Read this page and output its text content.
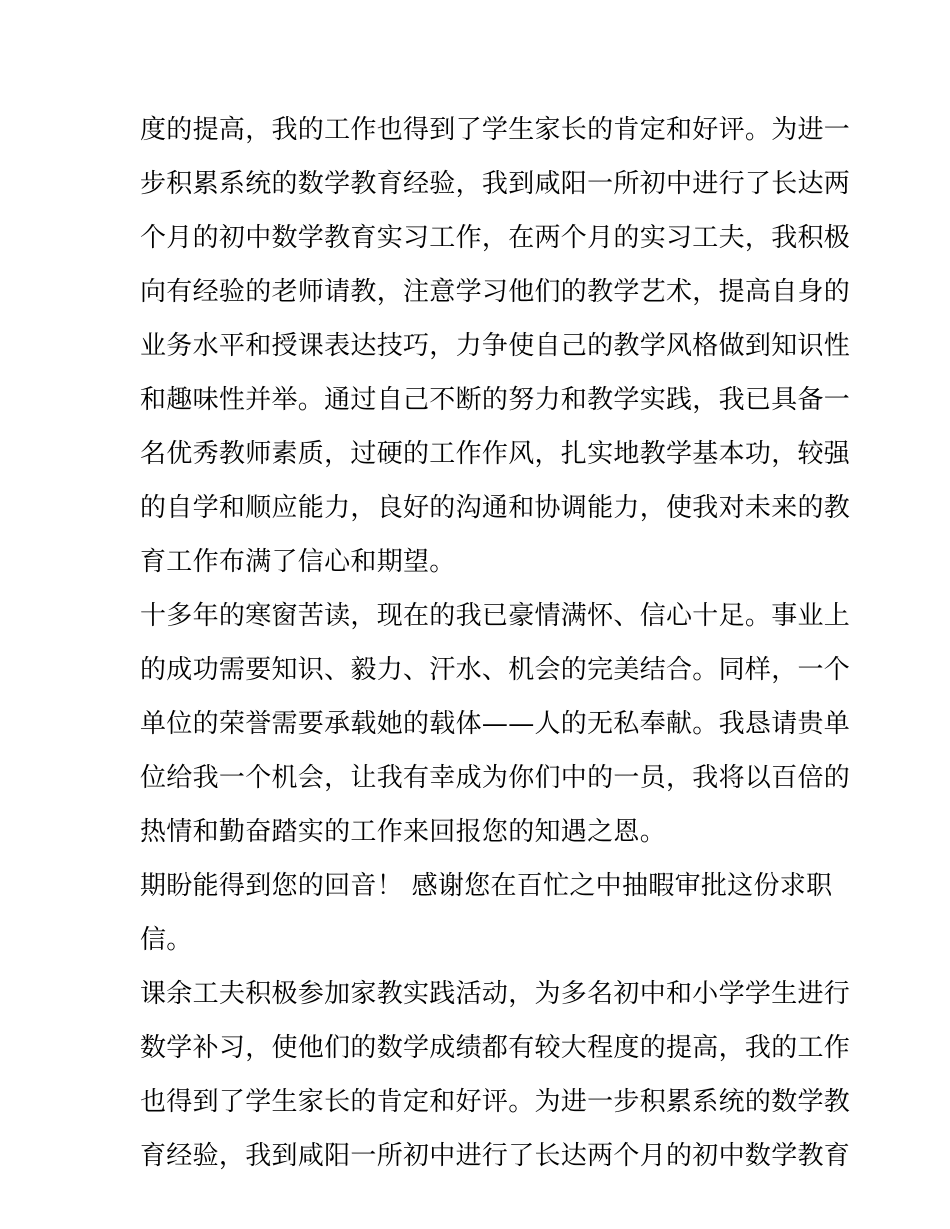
度的提高，我的工作也得到了学生家长的肯定和好评。为进一
步积累系统的数学教育经验，我到咸阳一所初中进行了长达两
个月的初中数学教育实习工作，在两个月的实习工夫，我积极
向有经验的老师请教，注意学习他们的教学艺术，提高自身的
业务水平和授课表达技巧，力争使自己的教学风格做到知识性
和趣味性并举。通过自己不断的努力和教学实践，我已具备一
名优秀教师素质，过硬的工作作风，扎实地教学基本功，较强
的自学和顺应能力，良好的沟通和协调能力，使我对未来的教
育工作布满了信心和期望。
十多年的寒窗苦读，现在的我已豪情满怀、信心十足。事业上
的成功需要知识、毅力、汗水、机会的完美结合。同样，一个
单位的荣誉需要承载她的载体——人的无私奉献。我恳请贵单
位给我一个机会，让我有幸成为你们中的一员，我将以百倍的
热情和勤奋踏实的工作来回报您的知遇之恩。
期盼能得到您的回音！ 感谢您在百忙之中抽暇审批这份求职
信。
课余工夫积极参加家教实践活动，为多名初中和小学学生进行
数学补习，使他们的数学成绩都有较大程度的提高，我的工作
也得到了学生家长的肯定和好评。为进一步积累系统的数学教
育经验，我到咸阳一所初中进行了长达两个月的初中数学教育
